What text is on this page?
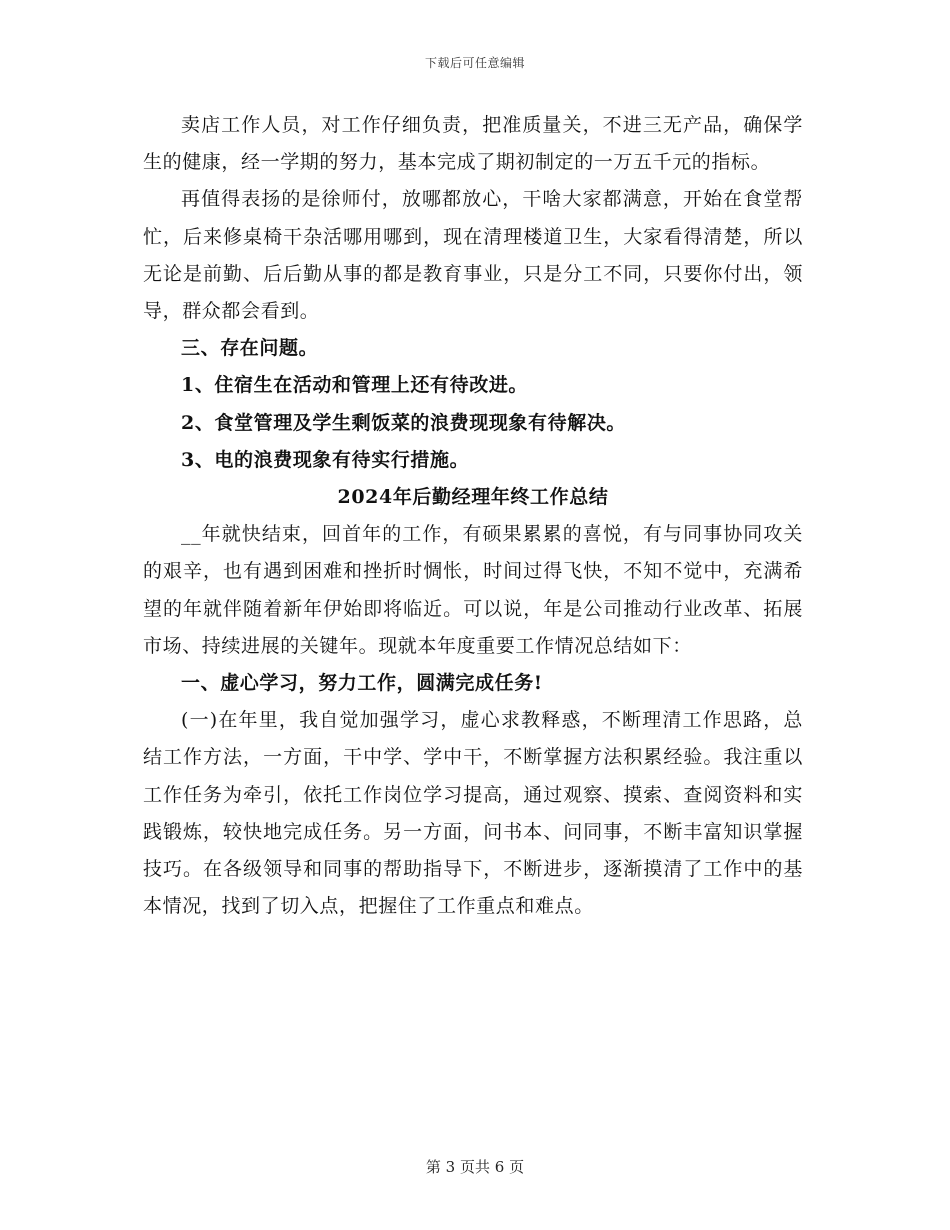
下载后可任意编辑

卖店工作人员，对工作仔细负责，把准质量关，不进三无产品，确保学生的健康，经一学期的努力，基本完成了期初制定的一万五千元的指标。

再值得表扬的是徐师付，放哪都放心，干啥大家都满意，开始在食堂帮忙，后来修桌椅干杂活哪用哪到，现在清理楼道卫生，大家看得清楚，所以无论是前勤、后后勤从事的都是教育事业，只是分工不同，只要你付出，领导，群众都会看到。

三、存在问题。

1、住宿生在活动和管理上还有待改进。

2、食堂管理及学生剩饭菜的浪费现现象有待解决。

3、电的浪费现象有待实行措施。

2024年后勤经理年终工作总结

__年就快结束，回首年的工作，有硕果累累的喜悦，有与同事协同攻关的艰辛，也有遇到困难和挫折时惆怅，时间过得飞快，不知不觉中，充满希望的年就伴随着新年伊始即将临近。可以说，年是公司推动行业改革、拓展市场、持续进展的关键年。现就本年度重要工作情况总结如下：

一、虚心学习，努力工作，圆满完成任务!

(一)在年里，我自觉加强学习，虚心求教释惑，不断理清工作思路，总结工作方法，一方面，干中学、学中干，不断掌握方法积累经验。我注重以工作任务为牵引，依托工作岗位学习提高，通过观察、摸索、查阅资料和实践锻炼，较快地完成任务。另一方面，问书本、问同事，不断丰富知识掌握技巧。在各级领导和同事的帮助指导下，不断进步，逐渐摸清了工作中的基本情况，找到了切入点，把握住了工作重点和难点。

第 3 页共 6 页
